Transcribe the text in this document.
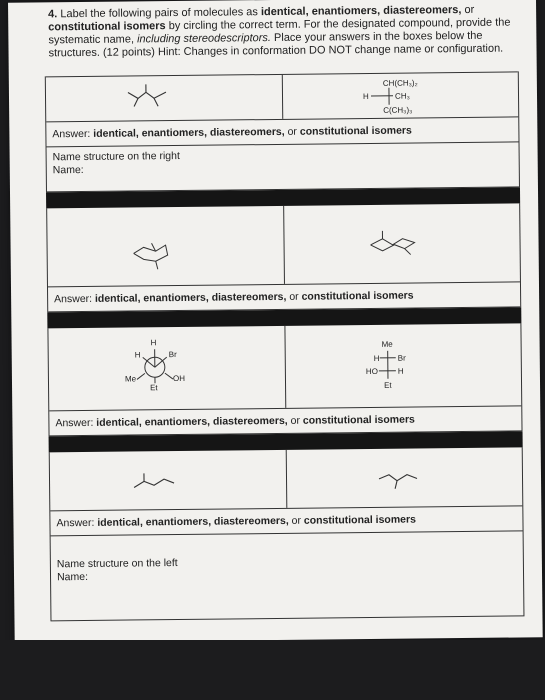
4. Label the following pairs of molecules as identical, enantiomers, diastereomers, or constitutional isomers by circling the correct term. For the designated compound, provide the systematic name, including stereodescriptors. Place your answers in the boxes below the structures. (12 points) Hint: Changes in conformation DO NOT change name or configuration.
CH(CH₃)₂
H	CH₃
C(CH₃)₃
Answer: identical, enantiomers, diastereomers, or constitutional isomers
Name structure on the right
Name:
Answer: identical, enantiomers, diastereomers, or constitutional isomers
H
H	Br
Me	OH
Et
Me
H Br
HO H
Et
Answer: identical, enantiomers, diastereomers, or constitutional isomers
Answer: identical, enantiomers, diastereomers, or constitutional isomers
Name structure on the left
Name:
